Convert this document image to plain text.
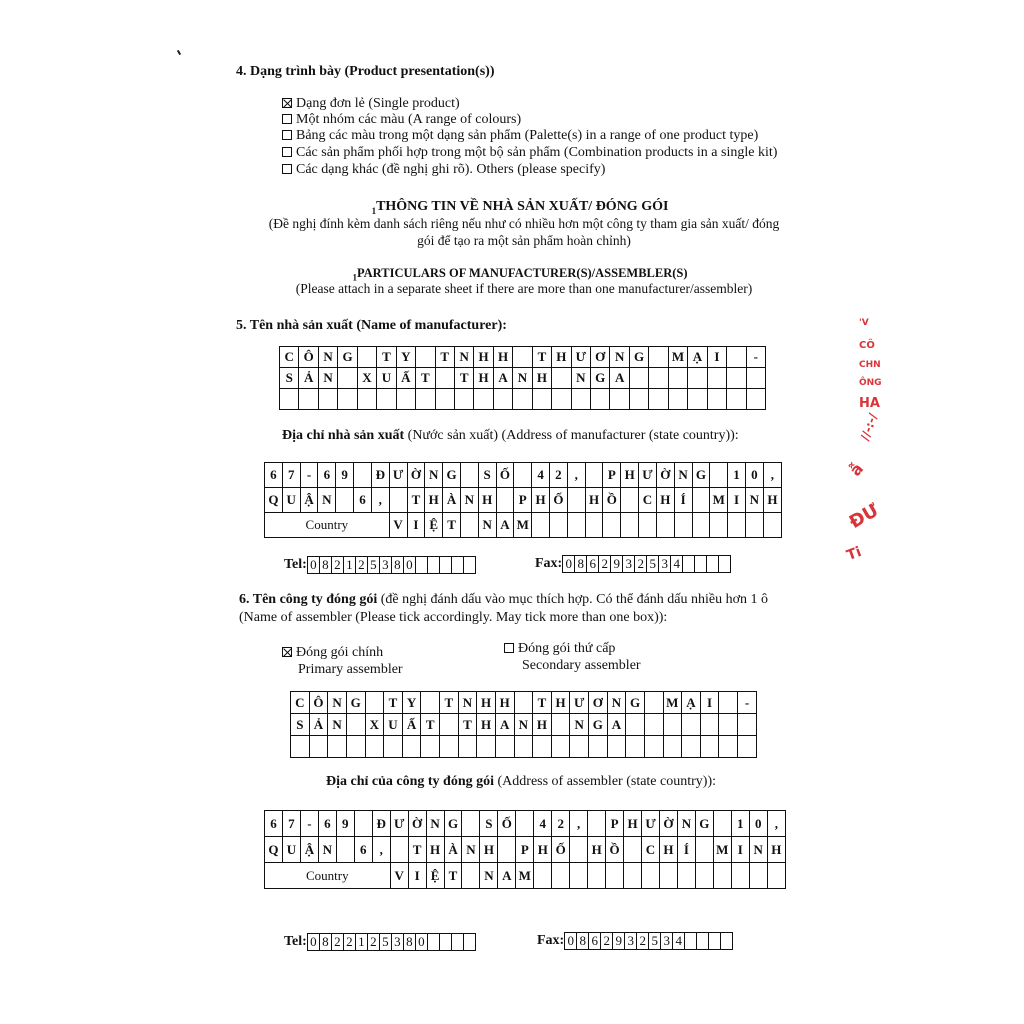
4. Dạng trình bày (Product presentation(s))
Dạng đơn lẻ (Single product)
Một nhóm các màu (A range of colours)
Bảng các màu trong một dạng sản phẩm (Palette(s) in a range of one product type)
Các sản phẩm phối hợp trong một bộ sản phẩm (Combination products in a single kit)
Các dạng khác (đề nghị ghi rõ). Others (please specify)
$_1$THÔNG TIN VỀ NHÀ SẢN XUẤT/ ĐÓNG GÓI
(Đề nghị đính kèm danh sách riêng nếu như có nhiều hơn một công ty tham gia sản xuất/ đóng
gói để tạo ra một sản phẩm hoàn chỉnh)
$_1$PARTICULARS OF MANUFACTURER(S)/ASSEMBLER(S)
(Please attach in a separate sheet if there are more than one manufacturer/assembler)
5. Tên nhà sản xuất (Name of manufacturer):
C	Ô	N	G		T	Y		T	N	H	H		T	H	Ư	Ơ	N	G		M	Ạ	I		-
S	Ả	N		X	U	Ấ	T		T	H	A	N	H		N	G	A							

Địa chỉ nhà sản xuất (Nước sản xuất) (Address of manufacturer (state country)):
6	7	-	6	9		Đ	Ư	Ờ	N	G		S	Ố		4	2	,		P	H	Ư	Ờ	N	G		1	0	,
Q	U	Ậ	N		6	,		T	H	À	N	H		P	H	Ố		H	Ồ		C	H	Í		M	I	N	H
Country							V	I	Ệ	T		N	A	M														
Tel: 0	8	2	1	2	5	3	8	0						Fax: 0	8	6	2	9	3	2	5	3	4				
6. Tên công ty đóng gói (đề nghị đánh dấu vào mục thích hợp. Có thể đánh dấu nhiều hơn 1 ô
(Name of assembler (Please tick accordingly. May tick more than one box)):
Đóng gói chính
Primary assembler
Đóng gói thứ cấp
Secondary assembler
C	Ô	N	G		T	Y		T	N	H	H		T	H	Ư	Ơ	N	G		M	Ạ	I		-
S	Ả	N		X	U	Ấ	T		T	H	A	N	H		N	G	A							

Địa chỉ của công ty đóng gói (Address of assembler (state country)):
6	7	-	6	9		Đ	Ư	Ờ	N	G		S	Ố		4	2	,		P	H	Ư	Ờ	N	G		1	0	,
Q	U	Ậ	N		6	,		T	H	À	N	H		P	H	Ố		H	Ồ		C	H	Í		M	I	N	H
Country							V	I	Ệ	T		N	A	M														
Tel: 0	8	2	2	1	2	5	3	8	0					Fax: 0	8	6	2	9	3	2	5	3	4				
'V
CÔ
CHN
ÔNG
HA
//-:-/
ẫ
ĐƯ
Ti
